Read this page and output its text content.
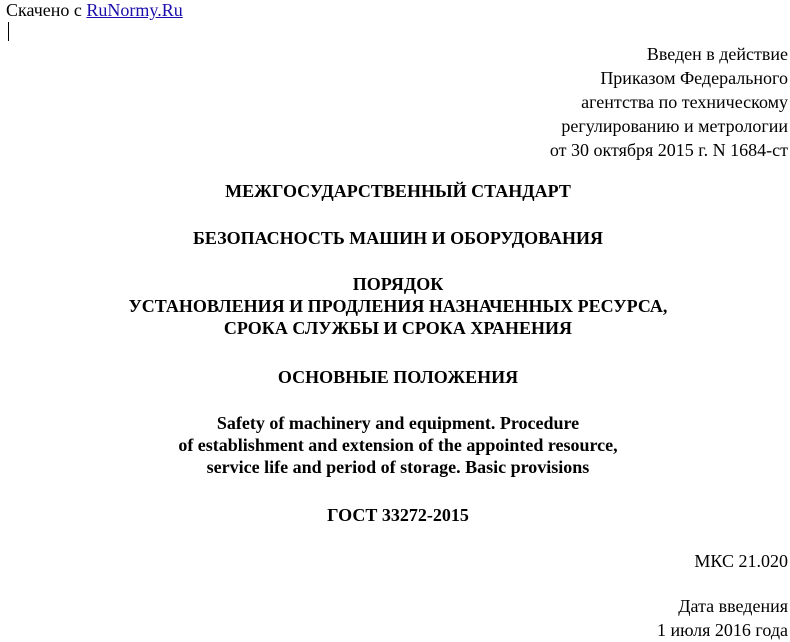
Скачено с RuNormy.Ru
Введен в действие
Приказом Федерального
агентства по техническому
регулированию и метрологии
от 30 октября 2015 г. N 1684-ст
МЕЖГОСУДАРСТВЕННЫЙ СТАНДАРТ
БЕЗОПАСНОСТЬ МАШИН И ОБОРУДОВАНИЯ
ПОРЯДОК
УСТАНОВЛЕНИЯ И ПРОДЛЕНИЯ НАЗНАЧЕННЫХ РЕСУРСА,
СРОКА СЛУЖБЫ И СРОКА ХРАНЕНИЯ
ОСНОВНЫЕ ПОЛОЖЕНИЯ
Safety of machinery and equipment. Procedure
of establishment and extension of the appointed resource,
service life and period of storage. Basic provisions
ГОСТ 33272-2015
МКС 21.020
Дата введения
1 июля 2016 года
